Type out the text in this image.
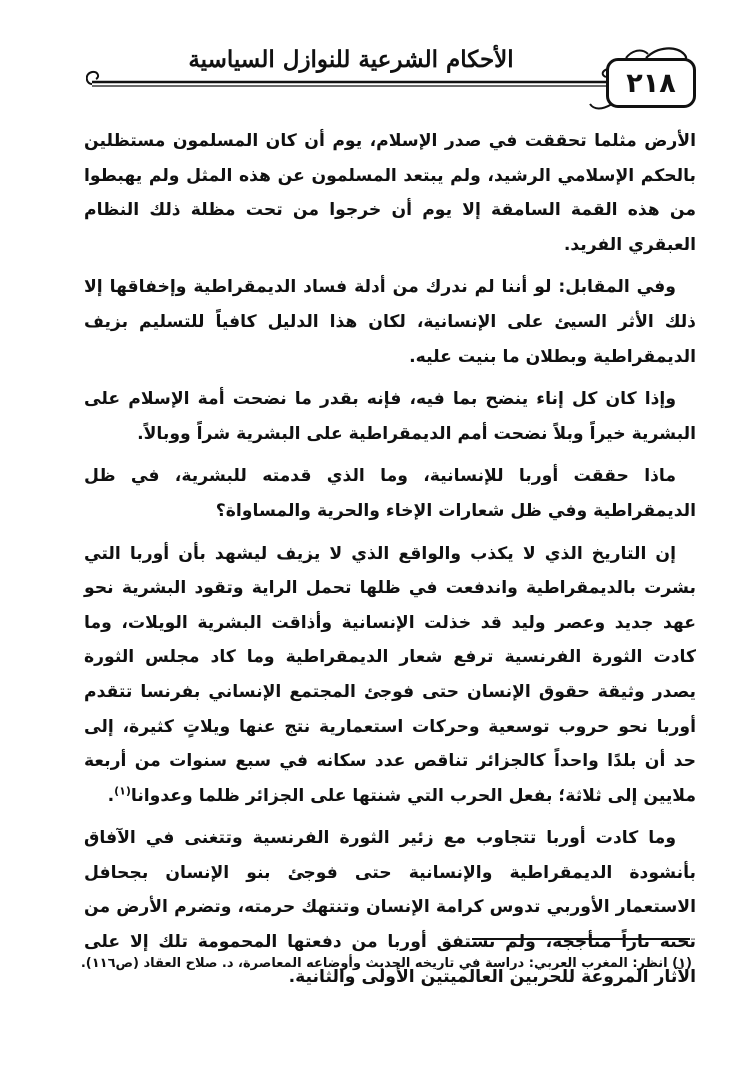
الأحكام الشرعية للنوازل السياسية
٢١٨

الأرض مثلما تحققت في صدر الإسلام، يوم أن كان المسلمون مستظلين بالحكم الإسلامي الرشيد، ولم يبتعد المسلمون عن هذه المثل ولم يهبطوا من هذه القمة السامقة إلا يوم أن خرجوا من تحت مظلة ذلك النظام العبقري الفريد.

وفي المقابل: لو أننا لم ندرك من أدلة فساد الديمقراطية وإخفاقها إلا ذلك الأثر السيئ على الإنسانية، لكان هذا الدليل كافياً للتسليم بزيف الديمقراطية وبطلان ما بنيت عليه.

وإذا كان كل إناء ينضح بما فيه، فإنه بقدر ما نضحت أمة الإسلام على البشرية خيراً وبلاً نضحت أمم الديمقراطية على البشرية شراً ووبالاً.

ماذا حققت أوربا للإنسانية، وما الذي قدمته للبشرية، في ظل الديمقراطية وفي ظل شعارات الإخاء والحرية والمساواة؟

إن التاريخ الذي لا يكذب والواقع الذي لا يزيف ليشهد بأن أوربا التي بشرت بالديمقراطية واندفعت في ظلها تحمل الراية وتقود البشرية نحو عهد جديد وعصر وليد قد خذلت الإنسانية وأذاقت البشرية الويلات، وما كادت الثورة الفرنسية ترفع شعار الديمقراطية وما كاد مجلس الثورة يصدر وثيقة حقوق الإنسان حتى فوجئ المجتمع الإنساني بفرنسا تتقدم أوربا نحو حروب توسعية وحركات استعمارية نتج عنها ويلاتٍ كثيرة، إلى حد أن بلدًا واحداً كالجزائر تناقص عدد سكانه في سبع سنوات من أربعة ملايين إلى ثلاثة؛ بفعل الحرب التي شنتها على الجزائر ظلما وعدوانا$^{(١)}$.

وما كادت أوربا تتجاوب مع زئير الثورة الفرنسية وتتغنى في الآفاق بأنشودة الديمقراطية والإنسانية حتى فوجئ بنو الإنسان بجحافل الاستعمار الأوربي تدوس كرامة الإنسان وتنتهك حرمته، وتضرم الأرض من تحته ناراً متأججه، ولم تستفق أوربا من دفعتها المحمومة تلك إلا على الآثار المروعة للحربين العالميتين الأولى والثانية.

(١) انظر: المغرب العربي: دراسة في تاريخه الحديث وأوضاعه المعاصرة، د. صلاح العقاد (ص١١٦).
